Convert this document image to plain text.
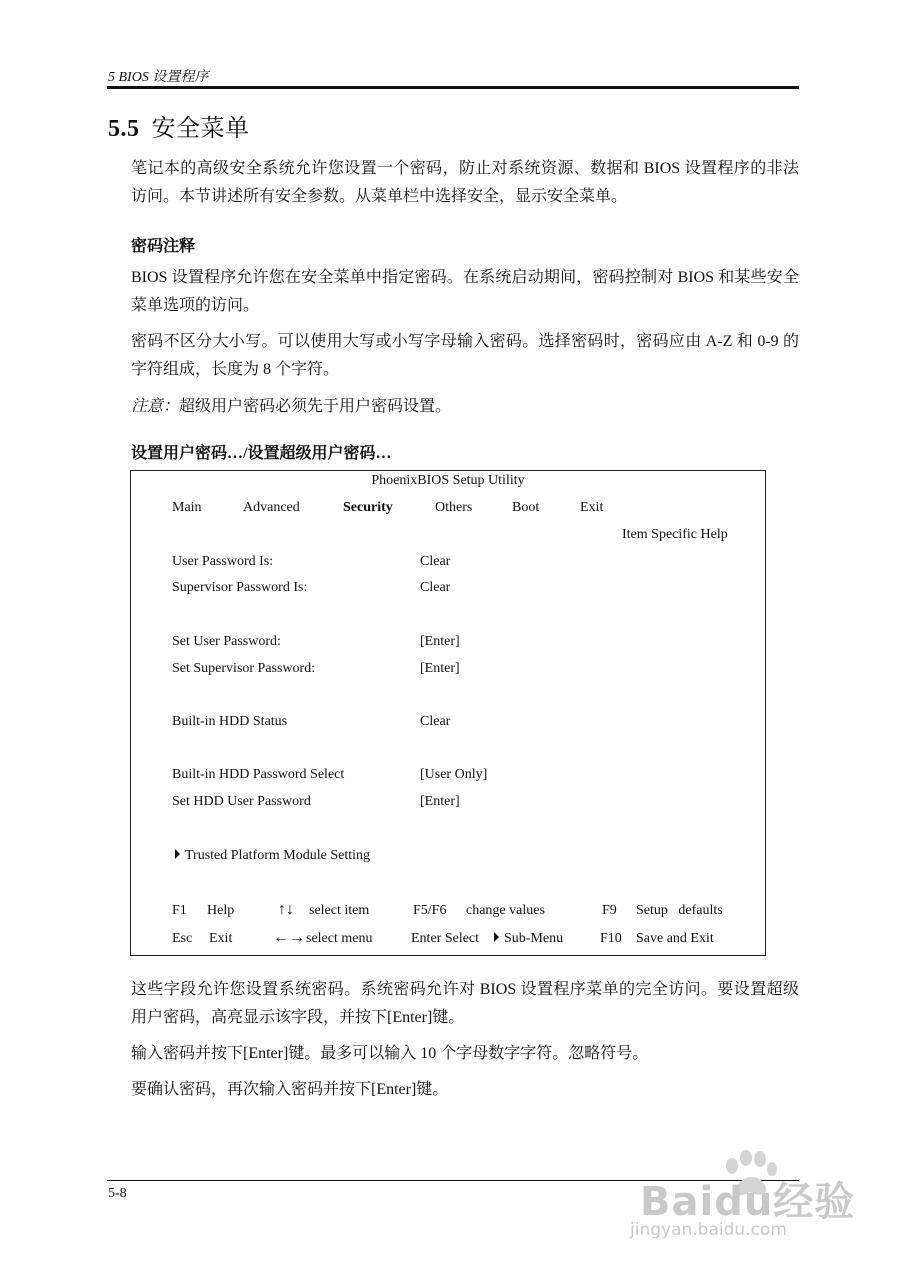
5 BIOS 设置程序
5.5 安全菜单
笔记本的高级安全系统允许您设置一个密码，防止对系统资源、数据和 BIOS 设置程序的非法访问。本节讲述所有安全参数。从菜单栏中选择安全，显示安全菜单。
密码注释
BIOS 设置程序允许您在安全菜单中指定密码。在系统启动期间，密码控制对 BIOS 和某些安全菜单选项的访问。
密码不区分大小写。可以使用大写或小写字母输入密码。选择密码时，密码应由 A-Z 和 0-9 的字符组成，长度为 8 个字符。
注意：超级用户密码必须先于用户密码设置。
设置用户密码…/设置超级用户密码…
PhoenixBIOS Setup Utility
Main	Advanced	Security	Others	Boot	Exit
Item Specific Help
User Password Is:	Clear
Supervisor Password Is:	Clear
Set User Password:	[Enter]
Set Supervisor Password:	[Enter]
Built-in HDD Status	Clear
Built-in HDD Password Select	[User Only]
Set HDD User Password	[Enter]
Trusted Platform Module Setting
F1 Help	↑↓ select item	F5/F6 change values	F9 Setup   defaults
Esc Exit	←→ select menu	Enter Select	Sub-Menu	F10 Save and Exit
这些字段允许您设置系统密码。系统密码允许对 BIOS 设置程序菜单的完全访问。要设置超级用户密码，高亮显示该字段，并按下[Enter]键。
输入密码并按下[Enter]键。最多可以输入 10 个字母数字字符。忽略符号。
要确认密码，再次输入密码并按下[Enter]键。
5-8	Baidu经验
jingyan.baidu.com
